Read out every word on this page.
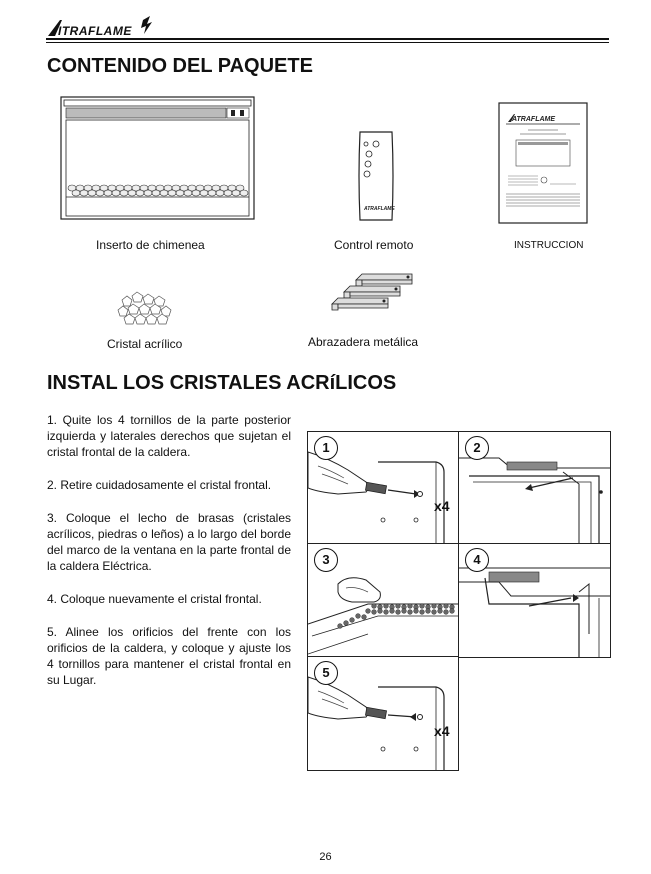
ITRAFLAME
CONTENIDO DEL PAQUETE
Inserto de chimenea
ATRAFLAME
Control remoto
ATRAFLAME
INSTRUCCION
Cristal acrílico	Abrazadera metálica
INSTAL LOS CRISTALES ACRíLICOS

1. Quite los 4 tornillos de la parte posterior izquierda y laterales derechos que sujetan el cristal frontal de la caldera.

2. Retire cuidadosamente el cristal frontal.

3. Coloque el lecho de brasas (cristales acrílicos, piedras o leños) a lo largo del borde del marco de la ventana en la parte frontal de la caldera Eléctrica.

4. Coloque nuevamente el cristal frontal.

5. Alinee los orificios del frente con los orificios de la caldera, y coloque y ajuste los 4 tornillos para mantener el cristal frontal en su Lugar.

1
x4
2
3	4
5
x4
26
